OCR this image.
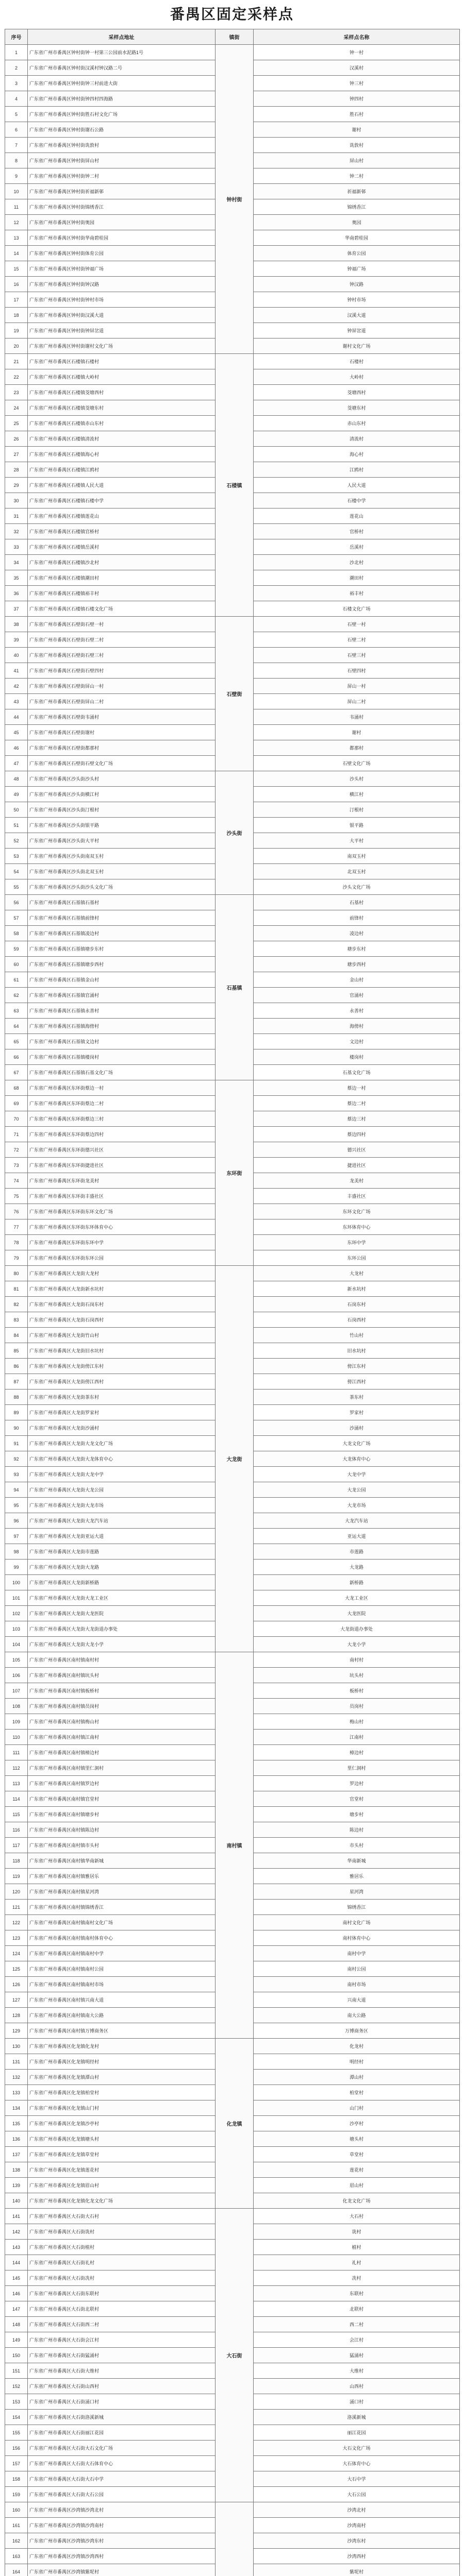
番禺区固定采样点
序号	采样点地址	镇街	采样点名称
1	广东省广州市番禺区钟村街钟一村第三公园前水泥路1号	钟村街	钟一村
2	广东省广州市番禺区钟村街汉溪村钟汉路二号		汉溪村
3	广东省广州市番禺区钟村街钟三村前进大街		钟三村
4	广东省广州市番禺区钟村街钟四村四海路		钟四村
5	广东省广州市番禺区钟村街胜石村文化广场		胜石村
6	广东省广州市番禺区钟村街谢石公路		谢村
7	广东省广州市番禺区钟村街诜敦村		诜敦村
8	广东省广州市番禺区钟村街屏山村		屏山村
9	广东省广州市番禺区钟村街钟二村		钟二村
10	广东省广州市番禺区钟村街祈福新邨		祈福新邨
11	广东省广州市番禺区钟村街锦绣香江		锦绣香江
12	广东省广州市番禺区钟村街奥园		奥园
13	广东省广州市番禺区钟村街华南碧桂园		华南碧桂园
14	广东省广州市番禺区钟村街体育公园		体育公园
15	广东省广州市番禺区钟村街钟福广场		钟福广场
16	广东省广州市番禺区钟村街钟汉路		钟汉路
17	广东省广州市番禺区钟村街钟村市场		钟村市场
18	广东省广州市番禺区钟村街汉溪大道		汉溪大道
19	广东省广州市番禺区钟村街钟屏岔道		钟屏岔道
20	广东省广州市番禺区钟村街谢村文化广场		谢村文化广场
21	广东省广州市番禺区石楼镇石楼村	石楼镇	石楼村
22	广东省广州市番禺区石楼镇大岭村		大岭村
23	广东省广州市番禺区石楼镇茭塘西村		茭塘西村
24	广东省广州市番禺区石楼镇茭塘东村		茭塘东村
25	广东省广州市番禺区石楼镇赤山东村		赤山东村
26	广东省广州市番禺区石楼镇清流村		清流村
27	广东省广州市番禺区石楼镇海心村		海心村
28	广东省广州市番禺区石楼镇江鸥村		江鸥村
29	广东省广州市番禺区石楼镇人民大道		人民大道
30	广东省广州市番禺区石楼镇石楼中学		石楼中学
31	广东省广州市番禺区石楼镇莲花山		莲花山
32	广东省广州市番禺区石楼镇官桥村		官桥村
33	广东省广州市番禺区石楼镇岳溪村		岳溪村
34	广东省广州市番禺区石楼镇沙北村		沙北村
35	广东省广州市番禺区石楼镇潮田村		潮田村
36	广东省广州市番禺区石楼镇裕丰村		裕丰村
37	广东省广州市番禺区石楼镇石楼文化广场		石楼文化广场
38	广东省广州市番禺区石壁街石壁一村	石壁街	石壁一村
39	广东省广州市番禺区石壁街石壁二村		石壁二村
40	广东省广州市番禺区石壁街石壁三村		石壁三村
41	广东省广州市番禺区石壁街石壁四村		石壁四村
42	广东省广州市番禺区石壁街屏山一村		屏山一村
43	广东省广州市番禺区石壁街屏山二村		屏山二村
44	广东省广州市番禺区石壁街韦涌村		韦涌村
45	广东省广州市番禺区石壁街谢村		谢村
46	广东省广州市番禺区石壁街都那村		都那村
47	广东省广州市番禺区石壁街石壁文化广场		石壁文化广场
48	广东省广州市番禺区沙头街沙头村	沙头街	沙头村
49	广东省广州市番禺区沙头街横江村		横江村
50	广东省广州市番禺区沙头街汀根村		汀根村
51	广东省广州市番禺区沙头街银平路		银平路
52	广东省广州市番禺区沙头街大平村		大平村
53	广东省广州市番禺区沙头街南双玉村		南双玉村
54	广东省广州市番禺区沙头街北双玉村		北双玉村
55	广东省广州市番禺区沙头街沙头文化广场		沙头文化广场
56	广东省广州市番禺区石基镇石基村	石基镇	石基村
57	广东省广州市番禺区石基镇前锋村		前锋村
58	广东省广州市番禺区石基镇凌边村		凌边村
59	广东省广州市番禺区石基镇塘步东村		塘步东村
60	广东省广州市番禺区石基镇塘步西村		塘步西村
61	广东省广州市番禺区石基镇金山村		金山村
62	广东省广州市番禺区石基镇官涌村		官涌村
63	广东省广州市番禺区石基镇永善村		永善村
64	广东省广州市番禺区石基镇海傍村		海傍村
65	广东省广州市番禺区石基镇文边村		文边村
66	广东省广州市番禺区石基镇楼岗村		楼岗村
67	广东省广州市番禺区石基镇石基文化广场		石基文化广场
68	广东省广州市番禺区东环街蔡边一村	东环街	蔡边一村
69	广东省广州市番禺区东环街蔡边二村		蔡边二村
70	广东省广州市番禺区东环街蔡边三村		蔡边三村
71	广东省广州市番禺区东环街蔡边四村		蔡边四村
72	广东省广州市番禺区东环街德兴社区		德兴社区
73	广东省广州市番禺区东环街捷进社区		捷进社区
74	广东省广州市番禺区东环街龙美村		龙美村
75	广东省广州市番禺区东环街丰盛社区		丰盛社区
76	广东省广州市番禺区东环街东环文化广场		东环文化广场
77	广东省广州市番禺区东环街东环体育中心		东环体育中心
78	广东省广州市番禺区东环街东环中学		东环中学
79	广东省广州市番禺区东环街东环公园		东环公园
80	广东省广州市番禺区大龙街大龙村	大龙街	大龙村
81	广东省广州市番禺区大龙街新水坑村		新水坑村
82	广东省广州市番禺区大龙街石岗东村		石岗东村
83	广东省广州市番禺区大龙街石岗西村		石岗西村
84	广东省广州市番禺区大龙街竹山村		竹山村
85	广东省广州市番禺区大龙街旧水坑村		旧水坑村
86	广东省广州市番禺区大龙街傍江东村		傍江东村
87	广东省广州市番禺区大龙街傍江西村		傍江西村
88	广东省广州市番禺区大龙街茶东村		茶东村
89	广东省广州市番禺区大龙街罗家村		罗家村
90	广东省广州市番禺区大龙街沙涌村		沙涌村
91	广东省广州市番禺区大龙街大龙文化广场		大龙文化广场
92	广东省广州市番禺区大龙街大龙体育中心		大龙体育中心
93	广东省广州市番禺区大龙街大龙中学		大龙中学
94	广东省广州市番禺区大龙街大龙公园		大龙公园
95	广东省广州市番禺区大龙街大龙市场		大龙市场
96	广东省广州市番禺区大龙街大龙汽车站		大龙汽车站
97	广东省广州市番禺区大龙街亚运大道		亚运大道
98	广东省广州市番禺区大龙街市莲路		市莲路
99	广东省广州市番禺区大龙街大龙路		大龙路
100	广东省广州市番禺区大龙街新桥路		新桥路
101	广东省广州市番禺区大龙街大龙工业区		大龙工业区
102	广东省广州市番禺区大龙街大龙医院		大龙医院
103	广东省广州市番禺区大龙街大龙街道办事处		大龙街道办事处
104	广东省广州市番禺区大龙街大龙小学		大龙小学
105	广东省广州市番禺区南村镇南村村	南村镇	南村村
106	广东省广州市番禺区南村镇坑头村		坑头村
107	广东省广州市番禺区南村镇板桥村		板桥村
108	广东省广州市番禺区南村镇员岗村		员岗村
109	广东省广州市番禺区南村镇梅山村		梅山村
110	广东省广州市番禺区南村镇江南村		江南村
111	广东省广州市番禺区南村镇樟边村		樟边村
112	广东省广州市番禺区南村镇里仁洞村		里仁洞村
113	广东省广州市番禺区南村镇罗边村		罗边村
114	广东省广州市番禺区南村镇官堂村		官堂村
115	广东省广州市番禺区南村镇塘步村		塘步村
116	广东省广州市番禺区南村镇陈边村		陈边村
117	广东省广州市番禺区南村镇市头村		市头村
118	广东省广州市番禺区南村镇华南新城		华南新城
119	广东省广州市番禺区南村镇雅居乐		雅居乐
120	广东省广州市番禺区南村镇星河湾		星河湾
121	广东省广州市番禺区南村镇锦绣香江		锦绣香江
122	广东省广州市番禺区南村镇南村文化广场		南村文化广场
123	广东省广州市番禺区南村镇南村体育中心		南村体育中心
124	广东省广州市番禺区南村镇南村中学		南村中学
125	广东省广州市番禺区南村镇南村公园		南村公园
126	广东省广州市番禺区南村镇南村市场		南村市场
127	广东省广州市番禺区南村镇兴南大道		兴南大道
128	广东省广州市番禺区南村镇南大公路		南大公路
129	广东省广州市番禺区南村镇万博商务区		万博商务区
130	广东省广州市番禺区化龙镇化龙村	化龙镇	化龙村
131	广东省广州市番禺区化龙镇明经村		明经村
132	广东省广州市番禺区化龙镇潭山村		潭山村
133	广东省广州市番禺区化龙镇柏堂村		柏堂村
134	广东省广州市番禺区化龙镇山门村		山门村
135	广东省广州市番禺区化龙镇沙亭村		沙亭村
136	广东省广州市番禺区化龙镇塘头村		塘头村
137	广东省广州市番禺区化龙镇草堂村		草堂村
138	广东省广州市番禺区化龙镇莲花村		莲花村
139	广东省广州市番禺区化龙镇眉山村		眉山村
140	广东省广州市番禺区化龙镇化龙文化广场		化龙文化广场
141	广东省广州市番禺区大石街大石村	大石街	大石村
142	广东省广州市番禺区大石街诜村		诜村
143	广东省广州市番禺区大石街植村		植村
144	广东省广州市番禺区大石街礼村		礼村
145	广东省广州市番禺区大石街冼村		冼村
146	广东省广州市番禺区大石街东联村		东联村
147	广东省广州市番禺区大石街北联村		北联村
148	广东省广州市番禺区大石街西二村		西二村
149	广东省广州市番禺区大石街会江村		会江村
150	广东省广州市番禺区大石街猛涌村		猛涌村
151	广东省广州市番禺区大石街大维村		大维村
152	广东省广州市番禺区大石街山西村		山西村
153	广东省广州市番禺区大石街涌口村		涌口村
154	广东省广州市番禺区大石街洛溪新城		洛溪新城
155	广东省广州市番禺区大石街丽江花园		丽江花园
156	广东省广州市番禺区大石街大石文化广场		大石文化广场
157	广东省广州市番禺区大石街大石体育中心		大石体育中心
158	广东省广州市番禺区大石街大石中学		大石中学
159	广东省广州市番禺区大石街大石公园		大石公园
160	广东省广州市番禺区沙湾镇沙湾北村		沙湾北村
161	广东省广州市番禺区沙湾镇沙湾南村		沙湾南村
162	广东省广州市番禺区沙湾镇沙湾东村		沙湾东村
163	广东省广州市番禺区沙湾镇沙湾西村		沙湾西村
164	广东省广州市番禺区沙湾镇紫坭村		紫坭村
